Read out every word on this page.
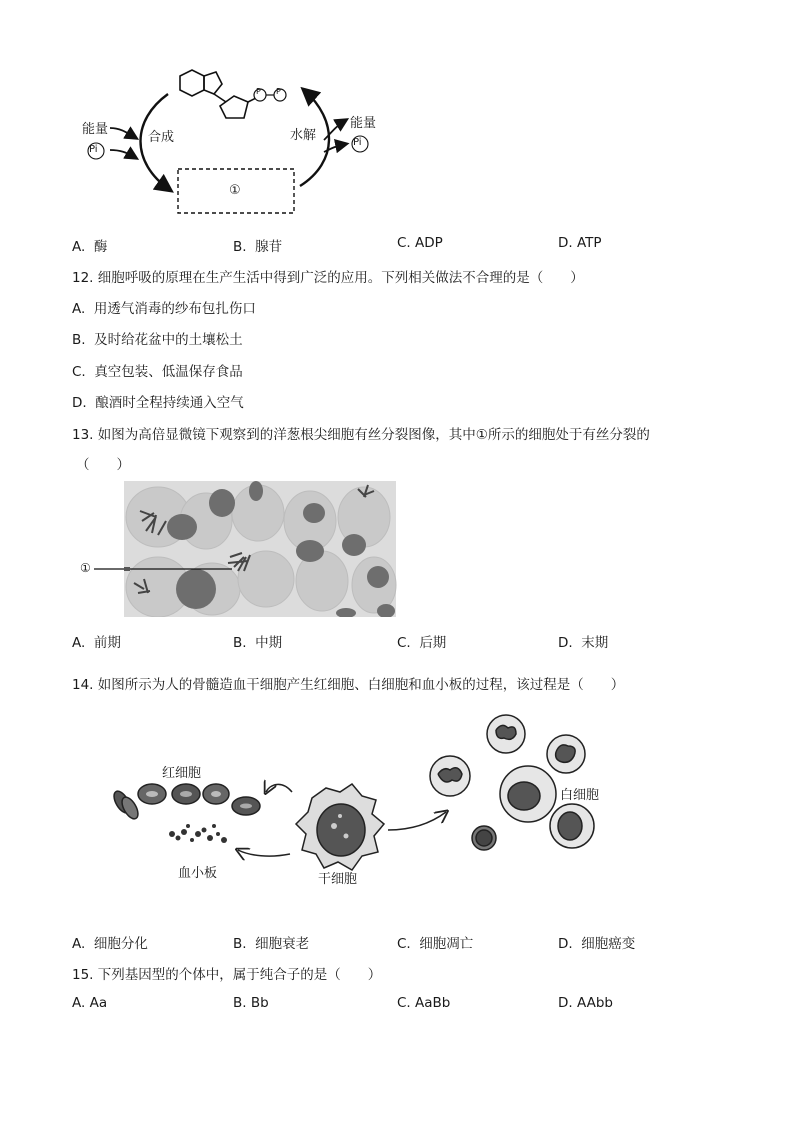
P P
能量
Pi
合成	水解
能量
Pi
①
A. 酶	B. 腺苷	C. ADP	D. ATP
12. 细胞呼吸的原理在生产生活中得到广泛的应用。下列相关做法不合理的是（　　）
A. 用透气消毒的纱布包扎伤口
B. 及时给花盆中的土壤松土
C. 真空包装、低温保存食品
D. 酿酒时全程持续通入空气
13. 如图为高倍显微镜下观察到的洋葱根尖细胞有丝分裂图像，其中①所示的细胞处于有丝分裂的
（　　）
①
A. 前期	B. 中期	C. 后期	D. 末期
14. 如图所示为人的骨髓造血干细胞产生红细胞、白细胞和血小板的过程，该过程是（　　）
红细胞
血小板	干细胞
白细胞
A. 细胞分化	B. 细胞衰老	C. 细胞凋亡	D. 细胞癌变
15. 下列基因型的个体中，属于纯合子的是（　　）
A. Aa	B. Bb	C. AaBb	D. AAbb
